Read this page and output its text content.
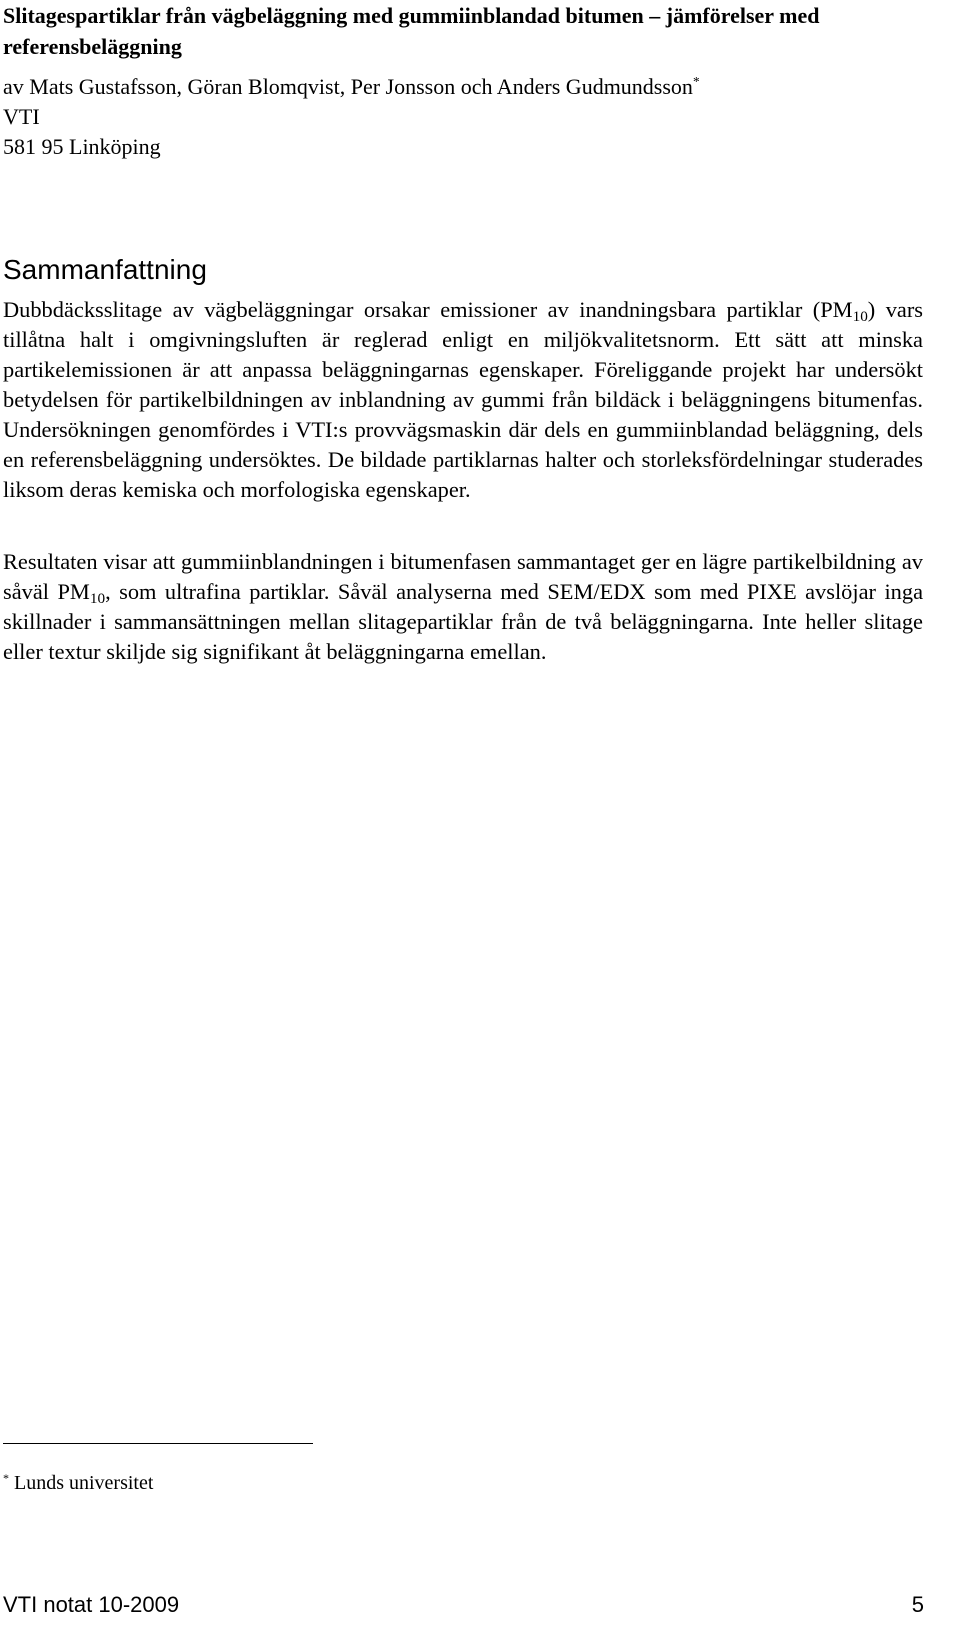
Slitagespartiklar från vägbeläggning med gummiinblandad bitumen – jämförelser med referensbeläggning
av Mats Gustafsson, Göran Blomqvist, Per Jonsson och Anders Gudmundsson*
VTI
581 95 Linköping
Sammanfattning

Dubbdäcksslitage av vägbeläggningar orsakar emissioner av inandningsbara partiklar $(PM_{10})$ vars tillåtna halt i omgivningsluften är reglerad enligt en miljökvalitetsnorm. Ett sätt att minska partikelemissionen är att anpassa beläggningarnas egenskaper. Föreliggande projekt har undersökt betydelsen för partikelbildningen av inblandning av gummi från bildäck i beläggningens bitumenfas. Undersökningen genomfördes i VTI:s provvägsmaskin där dels en gummiinblandad beläggning, dels en referensbeläggning undersöktes. De bildade partiklarnas halter och storleksfördelningar studerades liksom deras kemiska och morfologiska egenskaper.

Resultaten visar att gummiinblandningen i bitumenfasen sammantaget ger en lägre partikelbildning av såväl $PM_{10}$, som ultrafina partiklar. Såväl analyserna med SEM/EDX som med PIXE avslöjar inga skillnader i sammansättningen mellan slitagepartiklar från de två beläggningarna. Inte heller slitage eller textur skiljde sig signifikant åt beläggningarna emellan.

* Lunds universitet
VTI notat 10-2009	5
